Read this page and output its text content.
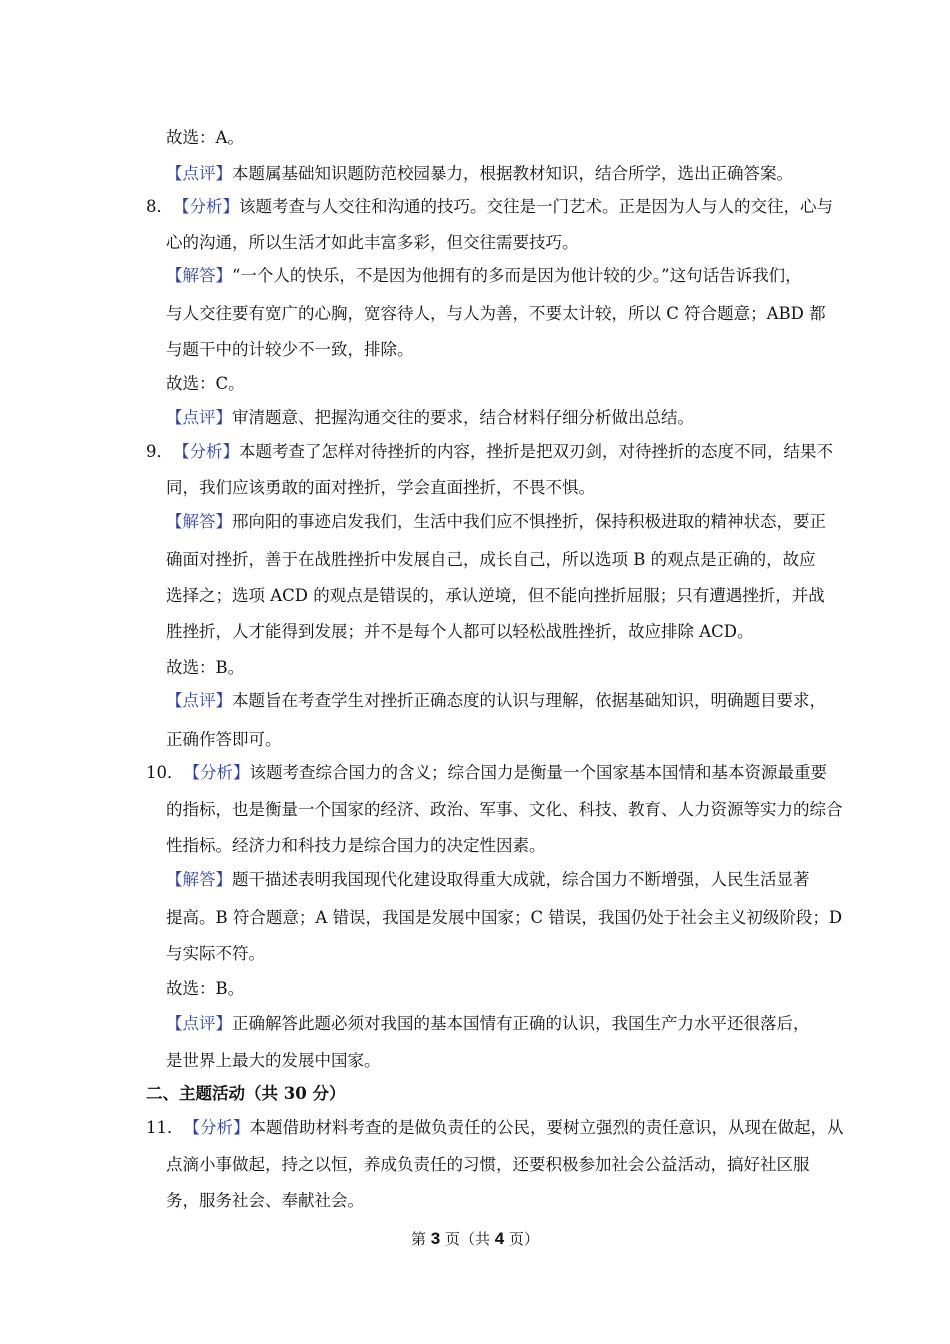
故选：A。
【点评】本题属基础知识题防范校园暴力，根据教材知识，结合所学，选出正确答案。
8．【分析】该题考查与人交往和沟通的技巧。交往是一门艺术。正是因为人与人的交往，心与
心的沟通，所以生活才如此丰富多彩，但交往需要技巧。
【解答】“一个人的快乐，不是因为他拥有的多而是因为他计较的少。”这句话告诉我们，
与人交往要有宽广的心胸，宽容待人，与人为善，不要太计较，所以 C 符合题意；ABD 都
与题干中的计较少不一致，排除。
故选：C。
【点评】审清题意、把握沟通交往的要求，结合材料仔细分析做出总结。
9．【分析】本题考查了怎样对待挫折的内容，挫折是把双刃剑，对待挫折的态度不同，结果不
同，我们应该勇敢的面对挫折，学会直面挫折，不畏不惧。
【解答】邢向阳的事迹启发我们，生活中我们应不惧挫折，保持积极进取的精神状态，要正
确面对挫折，善于在战胜挫折中发展自己，成长自己，所以选项 B 的观点是正确的，故应
选择之；选项 ACD 的观点是错误的，承认逆境，但不能向挫折屈服；只有遭遇挫折，并战
胜挫折，人才能得到发展；并不是每个人都可以轻松战胜挫折，故应排除 ACD。
故选：B。
【点评】本题旨在考查学生对挫折正确态度的认识与理解，依据基础知识，明确题目要求，
正确作答即可。
10．【分析】该题考查综合国力的含义；综合国力是衡量一个国家基本国情和基本资源最重要
的指标，也是衡量一个国家的经济、政治、军事、文化、科技、教育、人力资源等实力的综合
性指标。经济力和科技力是综合国力的决定性因素。
【解答】题干描述表明我国现代化建设取得重大成就，综合国力不断增强，人民生活显著
提高。B 符合题意；A 错误，我国是发展中国家；C 错误，我国仍处于社会主义初级阶段；D
与实际不符。
故选：B。
【点评】正确解答此题必须对我国的基本国情有正确的认识，我国生产力水平还很落后，
是世界上最大的发展中国家。
二、主题活动（共 30 分）
11．【分析】本题借助材料考查的是做负责任的公民，要树立强烈的责任意识，从现在做起，从
点滴小事做起，持之以恒，养成负责任的习惯，还要积极参加社会公益活动，搞好社区服
务，服务社会、奉献社会。
第 3 页（共 4 页）
